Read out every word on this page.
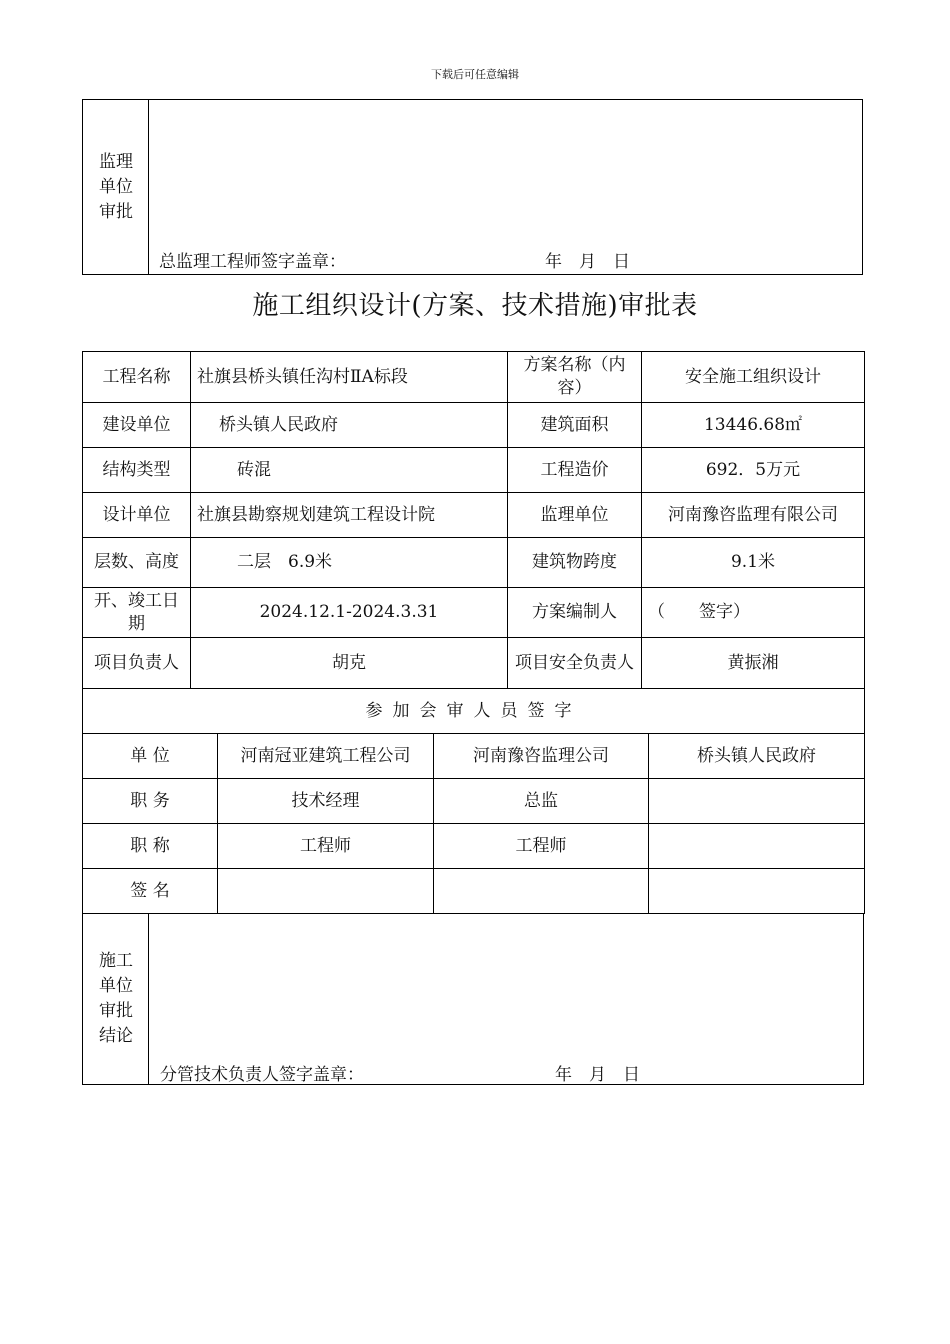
下载后可任意编辑
监理
单位
审批
总监理工程师签字盖章：	年　月　日
施工组织设计(方案、技术措施)审批表
工程名称	社旗县桥头镇任沟村ⅡA标段	方案名称（内容）	安全施工组织设计
建设单位	桥头镇人民政府	建筑面积	13446.68㎡
结构类型	砖混	工程造价	692．5万元
设计单位	社旗县勘察规划建筑工程设计院	监理单位	河南豫咨监理有限公司
层数、高度	二层　6.9米	建筑物跨度	9.1米
开、竣工日期	2024.12.1-2024.3.31	方案编制人	（　　签字）
项目负责人	胡克	项目安全负责人	黄振湘
参加会审人员签字			
单 位	河南冠亚建筑工程公司	河南豫咨监理公司	桥头镇人民政府
职 务	技术经理	总监	
职 称	工程师	工程师	
签 名			
施工
单位
审批
结论
分管技术负责人签字盖章：	年　月　日
